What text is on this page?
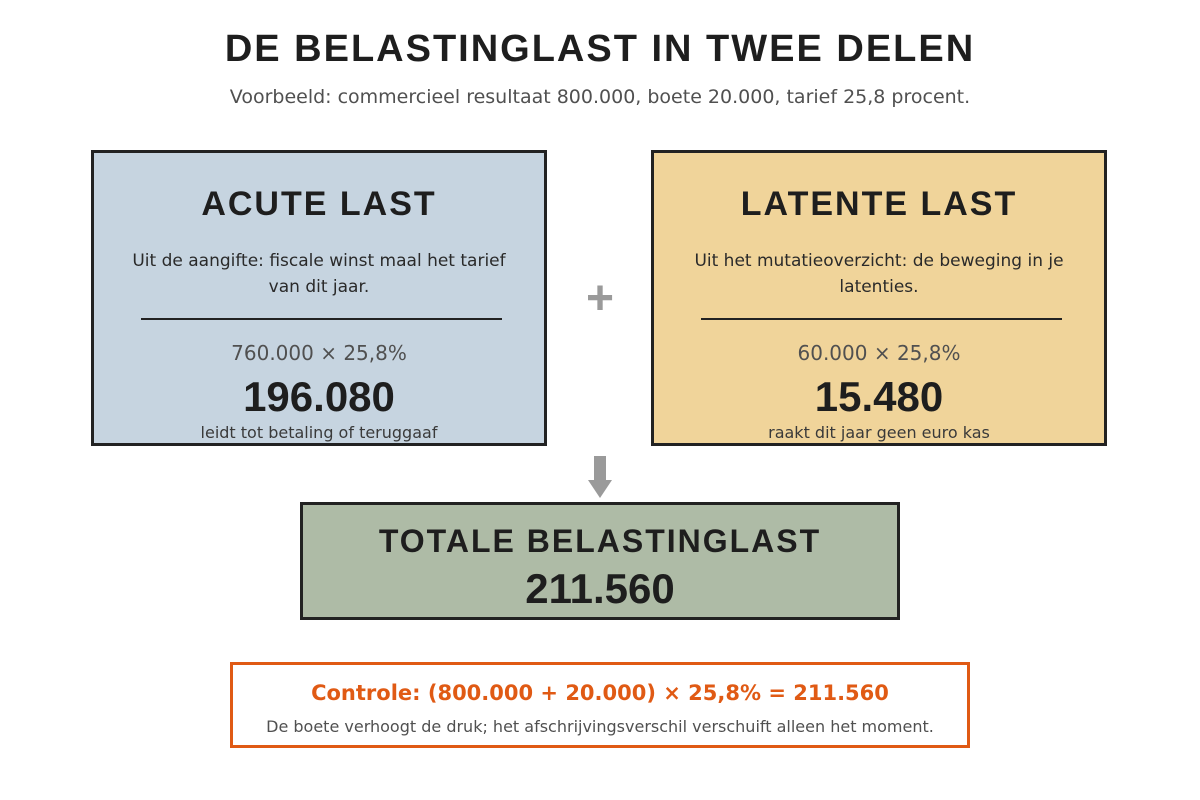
DE BELASTINGLAST IN TWEE DELEN
Voorbeeld: commercieel resultaat 800.000, boete 20.000, tarief 25,8 procent.
ACUTE LAST
Uit de aangifte: fiscale winst maal het tarief van dit jaar.
760.000 × 25,8%
196.080
leidt tot betaling of teruggaaf
+
LATENTE LAST
Uit het mutatieoverzicht: de beweging in je latenties.
60.000 × 25,8%
15.480
raakt dit jaar geen euro kas
TOTALE BELASTINGLAST
211.560
Controle: (800.000 + 20.000) × 25,8% = 211.560
De boete verhoogt de druk; het afschrijvingsverschil verschuift alleen het moment.
